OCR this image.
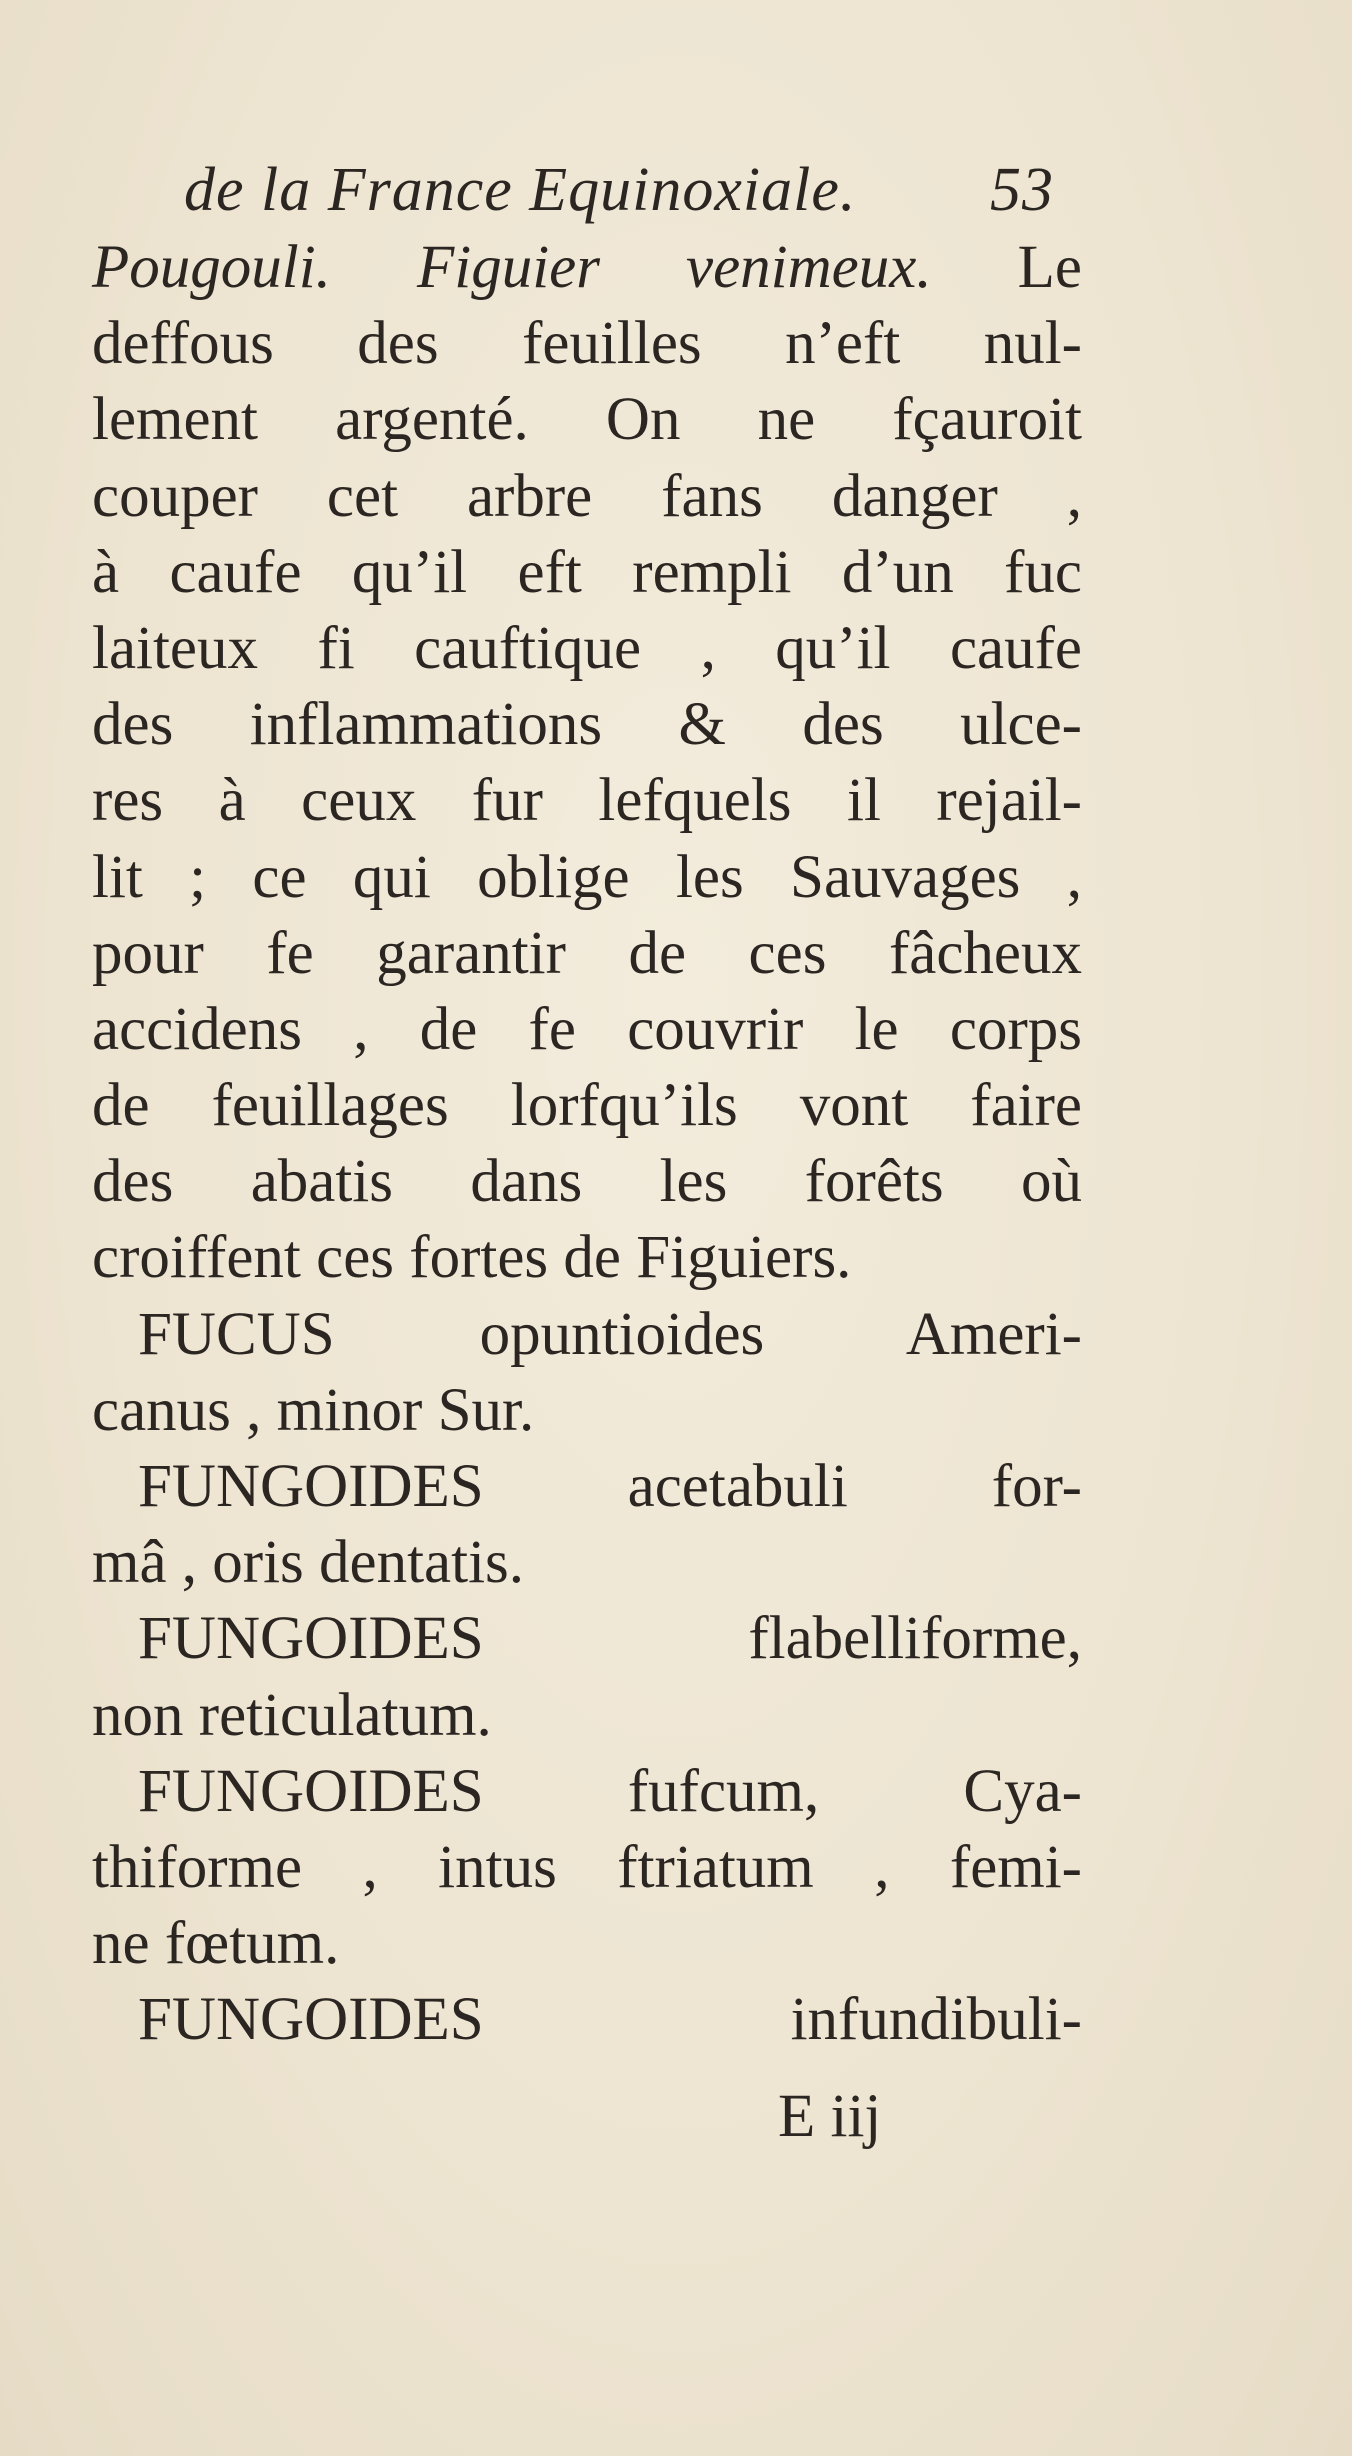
de la France Equinoxiale. 53
Pougouli. Figuier venimeux. Le
deffous des feuilles n’eft nul-
lement argenté. On ne fçauroit
couper cet arbre fans danger ,
à caufe qu’il eft rempli d’un fuc
laiteux fi cauftique , qu’il caufe
des inflammations & des ulce-
res à ceux fur lefquels il rejail-
lit ; ce qui oblige les Sauvages ,
pour fe garantir de ces fâcheux
accidens , de fe couvrir le corps
de feuillages lorfqu’ils vont faire
des abatis dans les forêts où
croiffent ces fortes de Figuiers.
FUCUS opuntioides Ameri-
canus , minor Sur.
FUNGOIDES acetabuli for-
mâ , oris dentatis.
FUNGOIDES flabelliforme,
non reticulatum.
FUNGOIDES fufcum, Cya-
thiforme , intus ftriatum , femi-
ne fœtum.
FUNGOIDES infundibuli-
E iij
